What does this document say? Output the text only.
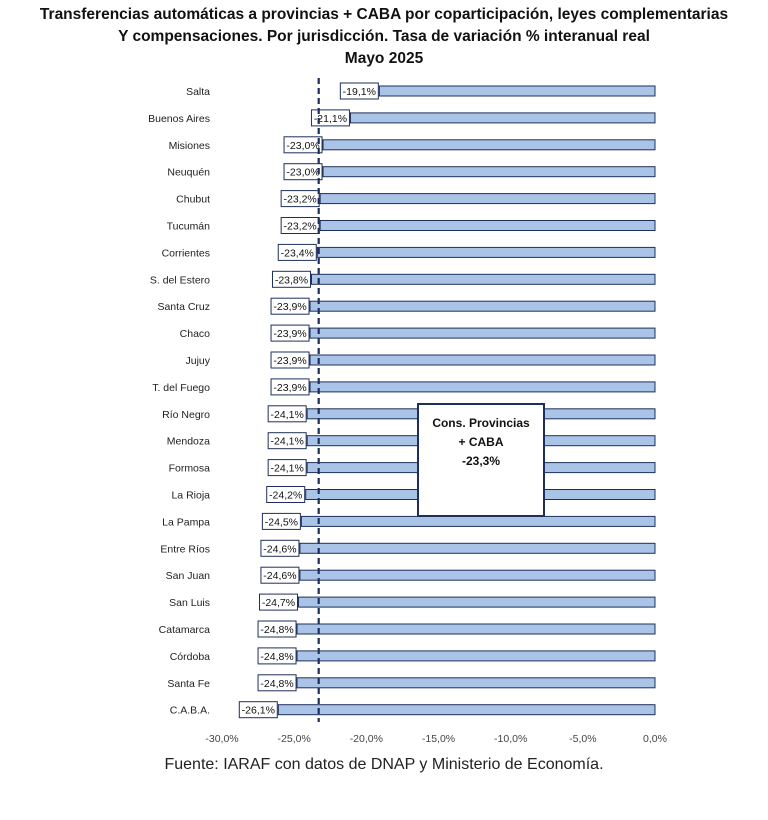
Transferencias automáticas a provincias + CABA por coparticipación, leyes complementarias
Y compensaciones. Por jurisdicción. Tasa de variación % interanual real
Mayo 2025
Salta	-19,1%
Buenos Aires	-21,1%
Misiones	-23,0%
Neuquén	-23,0%
Chubut	-23,2%
Tucumán	-23,2%
Corrientes	-23,4%
S. del Estero	-23,8%
Santa Cruz	-23,9%
Chaco	-23,9%
Jujuy	-23,9%
T. del Fuego	-23,9%
Río Negro	-24,1%
Mendoza	-24,1%
Formosa	-24,1%
La Rioja	-24,2%
La Pampa	-24,5%
Entre Ríos	-24,6%
San Juan	-24,6%
San Luis	-24,7%
Catamarca	-24,8%
Córdoba	-24,8%
Santa Fe	-24,8%
C.A.B.A.	-26,1%
-30,0%	-25,0%	-20,0%	-15,0%	-10,0%	-5,0%	0,0%
Cons. Provincias
+ CABA
-23,3%
Fuente: IARAF con datos de DNAP y Ministerio de Economía.
